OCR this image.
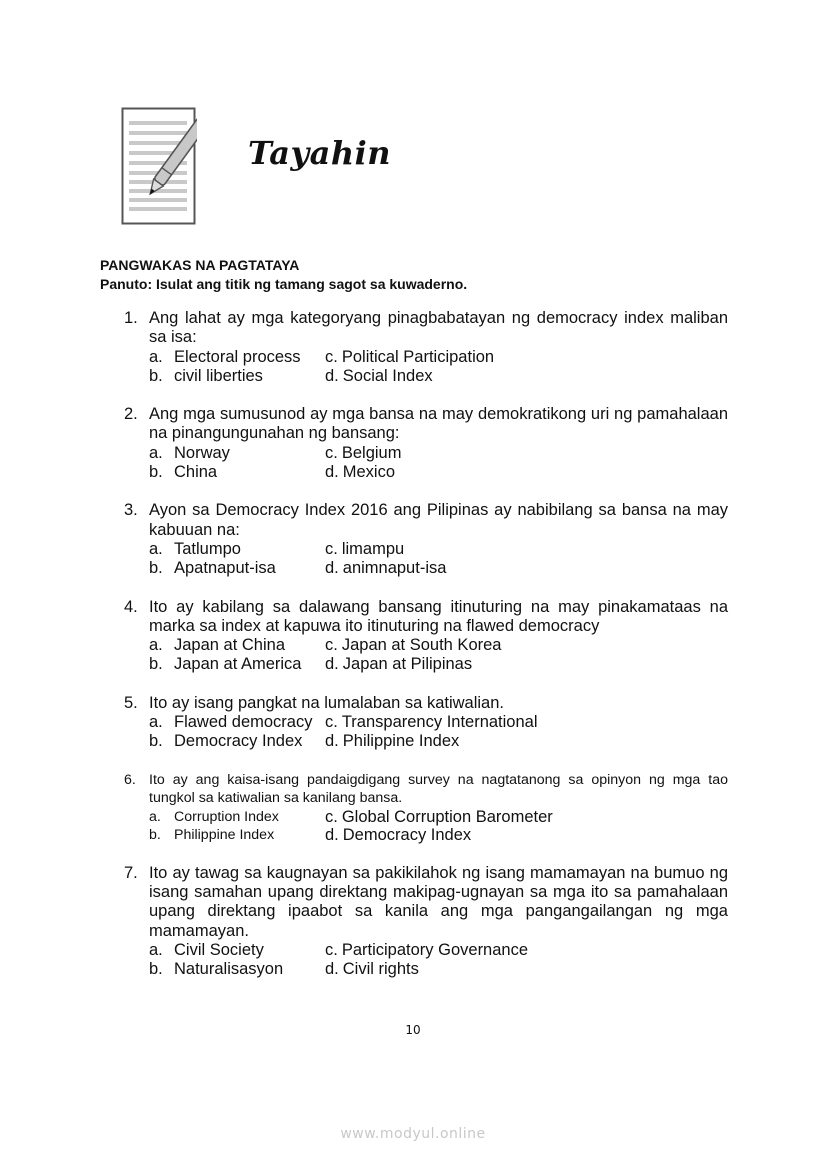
Tayahin
PANGWAKAS NA PAGTATAYA
Panuto: Isulat ang titik ng tamang sagot sa kuwaderno.
1. Ang lahat ay mga kategoryang pinagbabatayan ng democracy index maliban sa isa:
a. Electoral process c. Political Participation
b. civil liberties	d. Social Index
2. Ang mga sumusunod ay mga bansa na may demokratikong uri ng pamahalaan na pinangungunahan ng bansang:
a. Norway	c. Belgium
b. China	d. Mexico
3. Ayon sa Democracy Index 2016 ang Pilipinas ay nabibilang sa bansa na may kabuuan na:
a. Tatlumpo	c. limampu
b. Apatnaput-isa	d. animnaput-isa
4. Ito ay kabilang sa dalawang bansang itinuturing na may pinakamataas na marka sa index at kapuwa ito itinuturing na flawed democracy
a. Japan at China c. Japan at South Korea
b. Japan at America d. Japan at Pilipinas
5. Ito ay isang pangkat na lumalaban sa katiwalian.
a. Flawed democracy c. Transparency International
b. Democracy Index d. Philippine Index
6. Ito ay ang kaisa-isang pandaigdigang survey na nagtatanong sa opinyon ng mga tao tungkol sa katiwalian sa kanilang bansa.
a. Corruption Index	c. Global Corruption Barometer
b. Philippine Index	d. Democracy Index
7. Ito ay tawag sa kaugnayan sa pakikilahok ng isang mamamayan na bumuo ng isang samahan upang direktang makipag-ugnayan sa mga ito sa pamahalaan upang direktang ipaabot sa kanila ang mga pangangailangan ng mga mamamayan.
a. Civil Society	c. Participatory Governance
b. Naturalisasyon	d. Civil rights
10
www.modyul.online
